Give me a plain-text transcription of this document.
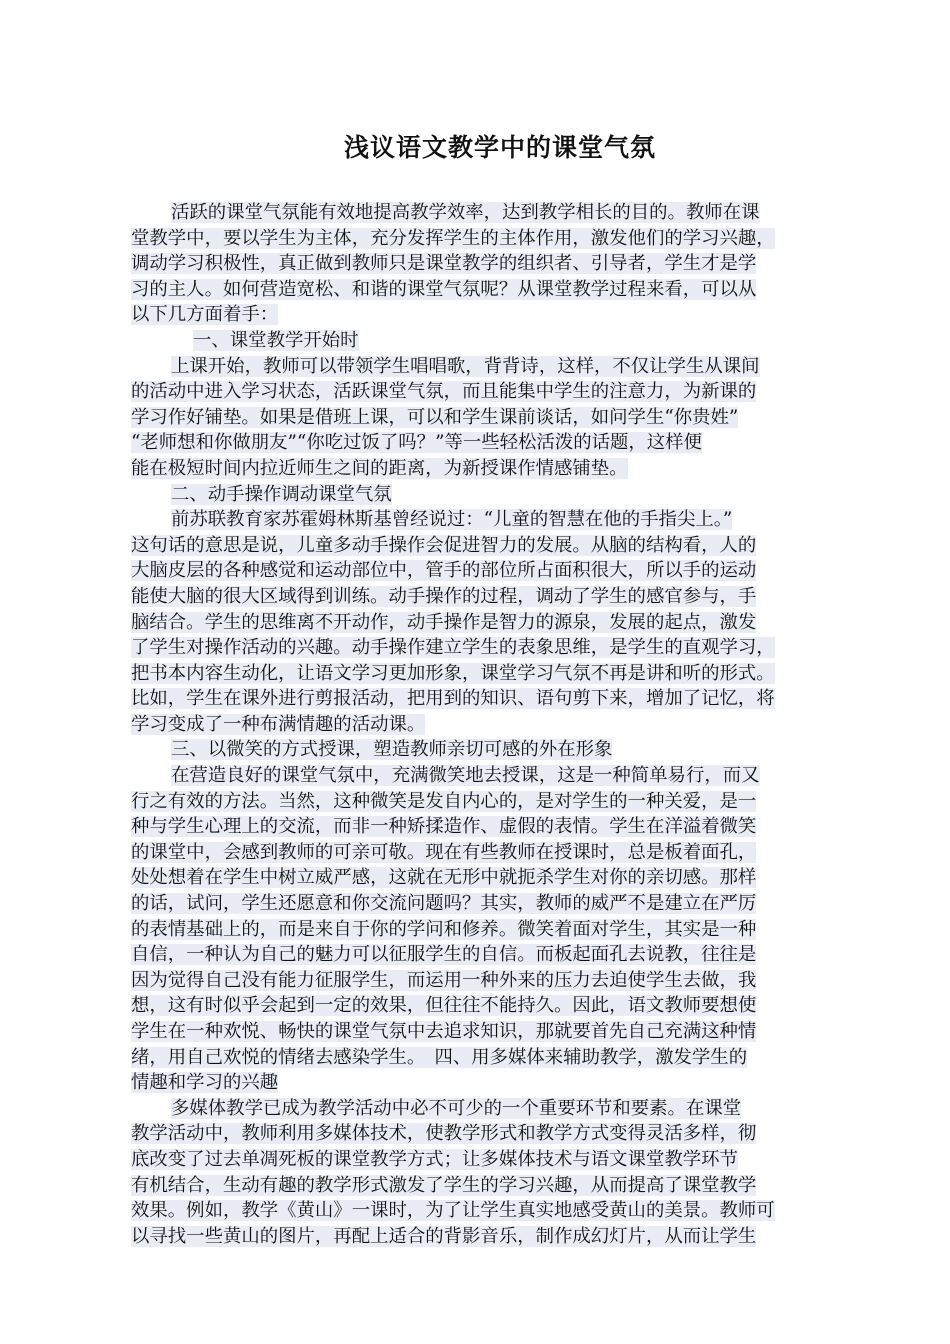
浅议语文教学中的课堂气氛
活跃的课堂气氛能有效地提高教学效率，达到教学相长的目的。教师在课
堂教学中，要以学生为主体，充分发挥学生的主体作用，激发他们的学习兴趣，
调动学习积极性，真正做到教师只是课堂教学的组织者、引导者，学生才是学
习的主人。如何营造宽松、和谐的课堂气氛呢？从课堂教学过程来看，可以从
以下几方面着手：
一、课堂教学开始时
上课开始，教师可以带领学生唱唱歌，背背诗，这样，不仅让学生从课间
的活动中进入学习状态，活跃课堂气氛，而且能集中学生的注意力，为新课的
学习作好铺垫。如果是借班上课，可以和学生课前谈话，如问学生“你贵姓”
“老师想和你做朋友”“你吃过饭了吗？”等一些轻松活泼的话题，这样便
能在极短时间内拉近师生之间的距离，为新授课作情感铺垫。
二、动手操作调动课堂气氛
前苏联教育家苏霍姆林斯基曾经说过：“儿童的智慧在他的手指尖上。”
这句话的意思是说，儿童多动手操作会促进智力的发展。从脑的结构看，人的
大脑皮层的各种感觉和运动部位中，管手的部位所占面积很大，所以手的运动
能使大脑的很大区域得到训练。动手操作的过程，调动了学生的感官参与，手
脑结合。学生的思维离不开动作，动手操作是智力的源泉，发展的起点，激发
了学生对操作活动的兴趣。动手操作建立学生的表象思维，是学生的直观学习，
把书本内容生动化，让语文学习更加形象，课堂学习气氛不再是讲和听的形式。
比如，学生在课外进行剪报活动，把用到的知识、语句剪下来，增加了记忆，将
学习变成了一种布满情趣的活动课。
三、以微笑的方式授课，塑造教师亲切可感的外在形象
在营造良好的课堂气氛中，充满微笑地去授课，这是一种简单易行，而又
行之有效的方法。当然，这种微笑是发自内心的，是对学生的一种关爱，是一
种与学生心理上的交流，而非一种矫揉造作、虚假的表情。学生在洋溢着微笑
的课堂中，会感到教师的可亲可敬。现在有些教师在授课时，总是板着面孔，
处处想着在学生中树立威严感，这就在无形中就扼杀学生对你的亲切感。那样
的话，试问，学生还愿意和你交流问题吗？其实，教师的威严不是建立在严厉
的表情基础上的，而是来自于你的学问和修养。微笑着面对学生，其实是一种
自信，一种认为自己的魅力可以征服学生的自信。而板起面孔去说教，往往是
因为觉得自己没有能力征服学生，而运用一种外来的压力去迫使学生去做，我
想，这有时似乎会起到一定的效果，但往往不能持久。因此，语文教师要想使
学生在一种欢悦、畅快的课堂气氛中去追求知识，那就要首先自己充满这种情
绪，用自己欢悦的情绪去感染学生。　四、用多媒体来辅助教学，激发学生的
情趣和学习的兴趣
多媒体教学已成为教学活动中必不可少的一个重要环节和要素。在课堂
教学活动中，教师利用多媒体技术，使教学形式和教学方式变得灵活多样，彻
底改变了过去单凋死板的课堂教学方式；让多媒体技术与语文课堂教学环节
有机结合，生动有趣的教学形式激发了学生的学习兴趣，从而提高了课堂教学
效果。例如，教学《黄山》一课时，为了让学生真实地感受黄山的美景。教师可
以寻找一些黄山的图片，再配上适合的背影音乐，制作成幻灯片，从而让学生
